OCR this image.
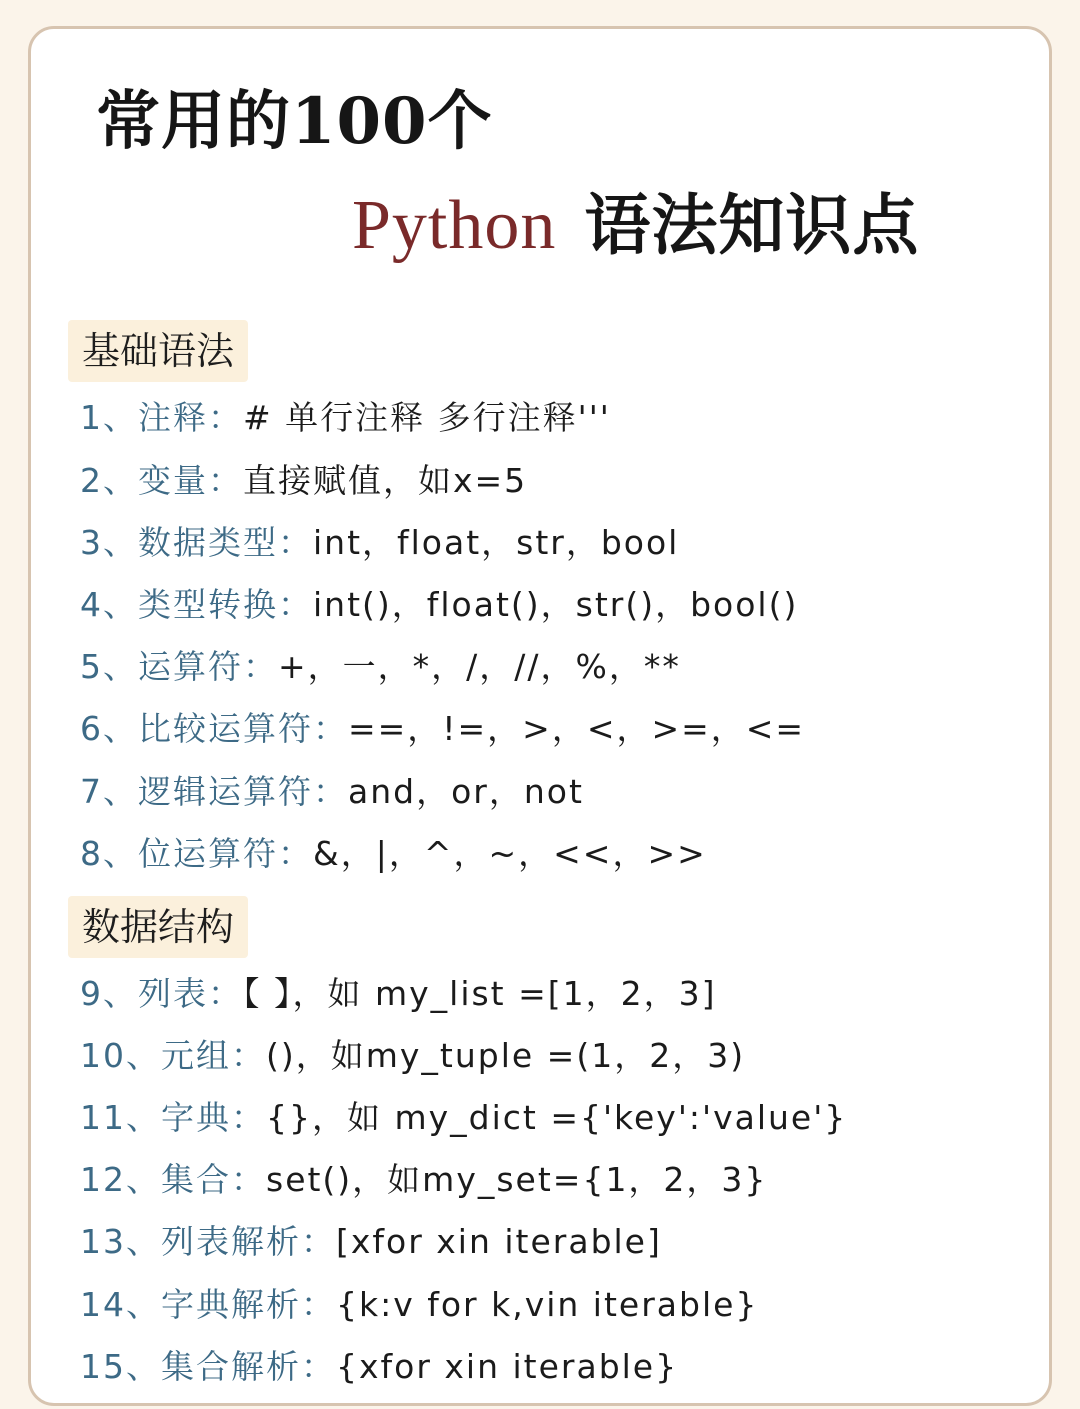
常用的100个
Python 语法知识点
基础语法
1、注释：# 单行注释 多行注释'''
2、变量：直接赋值，如x=5
3、数据类型：int，float，str，bool
4、类型转换：int()，float()，str()，bool()
5、运算符：+，一，*，/，//，%，**
6、比较运算符：==，!=，>，<，>=，<=
7、逻辑运算符：and，or，not
8、位运算符：&，|，^，~，<<，>>
数据结构
9、列表：【 】，如 my_list =[1，2，3]
10、元组：()，如my_tuple =(1，2，3)
11、字典：{}，如 my_dict ={'key':'value'}
12、集合：set()，如my_set={1，2，3}
13、列表解析：[xfor xin iterable]
14、字典解析：{k:v for k,vin iterable}
15、集合解析：{xfor xin iterable}
